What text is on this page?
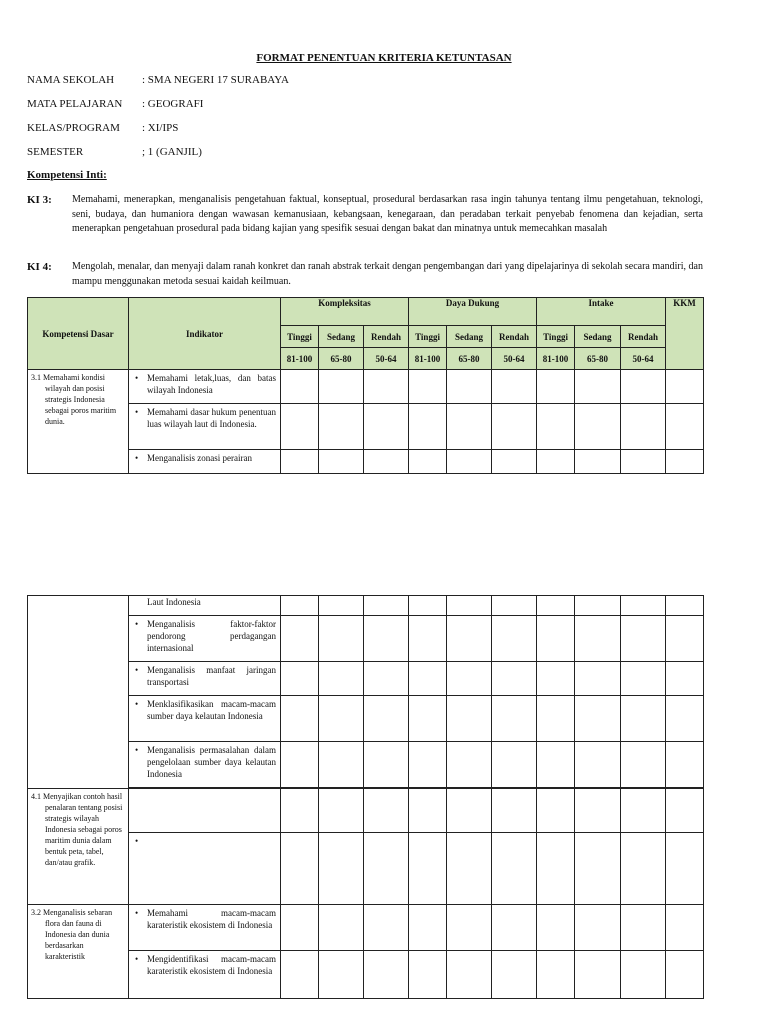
FORMAT PENENTUAN KRITERIA KETUNTASAN
NAMA SEKOLAH	: SMA NEGERI 17 SURABAYA
MATA PELAJARAN : GEOGRAFI
KELAS/PROGRAM : XI/IPS
SEMESTER	; 1 (GANJIL)
Kompetensi Inti:
KI 3: Memahami, menerapkan, menganalisis pengetahuan faktual, konseptual, prosedural berdasarkan rasa ingin tahunya tentang ilmu pengetahuan, teknologi, seni, budaya, dan humaniora dengan wawasan kemanusiaan, kebangsaan, kenegaraan, dan peradaban terkait penyebab fenomena dan kejadian, serta menerapkan pengetahuan prosedural pada bidang kajian yang spesifik sesuai dengan bakat dan minatnya untuk memecahkan masalah
KI 4: Mengolah, menalar, dan menyaji dalam ranah konkret dan ranah abstrak terkait dengan pengembangan dari yang dipelajarinya di sekolah secara mandiri, dan mampu menggunakan metoda sesuai kaidah keilmuan.
Kompetensi Dasar	Indikator	Kompleksitas			Daya Dukung			Intake			KKM
		Tinggi	Sedang	Rendah	Tinggi	Sedang	Rendah	Tinggi	Sedang	Rendah	
		81-100	65-80	50-64	81-100	65-80	50-64	81-100	65-80	50-64	

3.1 Memahami kondisi wilayah dan posisi strategis Indonesia sebagai poros maritim dunia.	• Memahami letak,luas, dan batas wilayah Indonesia										

	• Memahami dasar hukum penentuan luas wilayah laut di Indonesia.										

	• Menganalisis zonasi perairan										
	Laut Indonesia										

	• Menganalisis faktor-faktor pendorong perdagangan internasional										

	• Menganalisis manfaat jaringan transportasi										

	• Menklasifikasikan macam-macam sumber daya kelautan Indonesia										

	• Menganalisis permasalahan dalam pengelolaan sumber daya kelautan Indonesia										

4.1 Menyajikan contoh hasil penalaran tentang posisi strategis wilayah Indonesia sebagai poros maritim dunia dalam bentuk peta, tabel, dan/atau grafik.											

	•										

3.2 Menganalisis sebaran flora dan fauna di Indonesia dan dunia berdasarkan karakteristik	• Memahami macam-macam karateristik ekosistem di Indonesia										

	• Mengidentifikasi macam-macam karateristik ekosistem di Indonesia										
